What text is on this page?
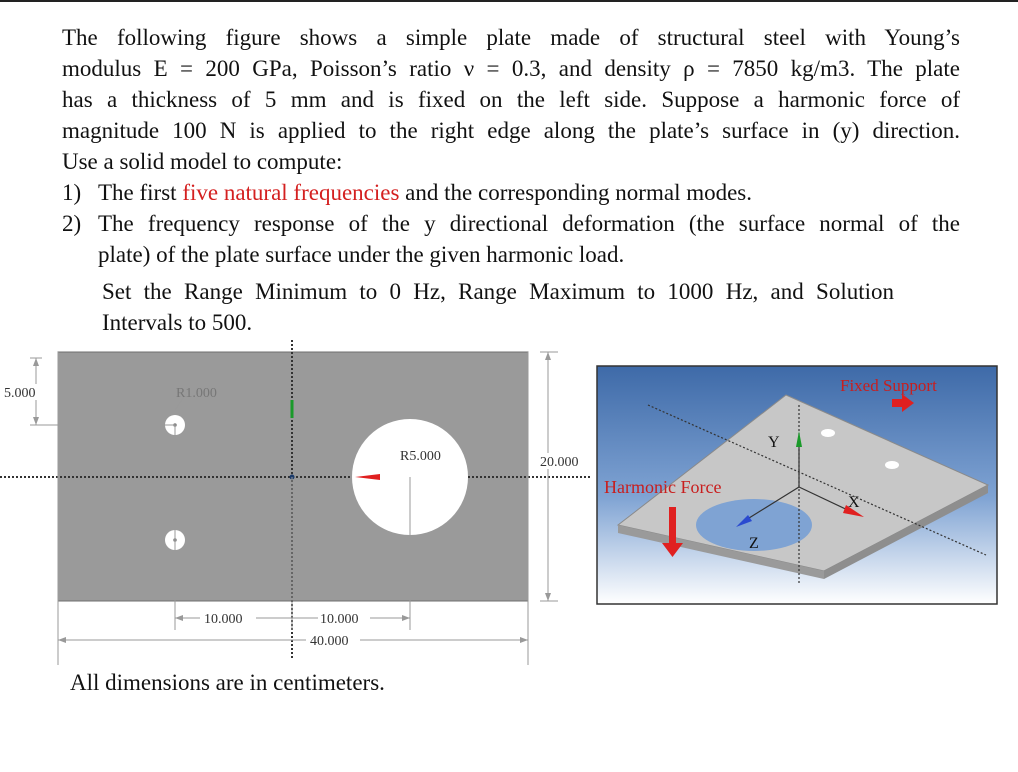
The following figure shows a simple plate made of structural steel with Young’s
modulus E = 200 GPa, Poisson’s ratio ν = 0.3, and density ρ = 7850 kg/m3. The plate
has a thickness of 5 mm and is fixed on the left side. Suppose a harmonic force of
magnitude 100 N is applied to the right edge along the plate’s surface in (y) direction.
Use a solid model to compute:
1) The first five natural frequencies and the corresponding normal modes.
2) The frequency response of the y directional deformation (the surface normal of the
plate) of the plate surface under the given harmonic load.
Set the Range Minimum to 0 Hz, Range Maximum to 1000 Hz, and Solution
Intervals to 500.
5.000	R1.000
R5.000	20.000
10.000	10.000
40.000
Y
X
Z
Harmonic Force
Fixed Support
All dimensions are in centimeters.
